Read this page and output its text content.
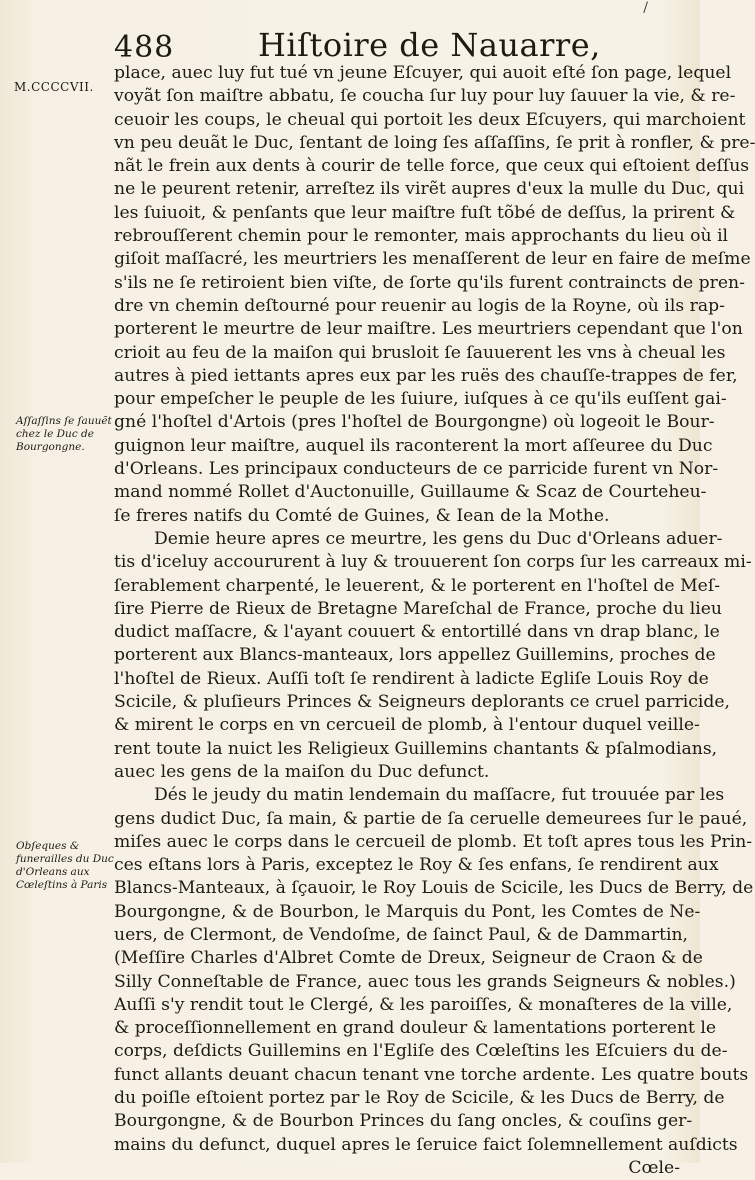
/
488	Hiſtoire de Nauarre,
M.CCCCVII.
Aſſaſſins ſe ſauuẽt chez le Duc de Bourgongne.
Obſeques & funerailles du Duc d'Orleans aux Cœleſtins à Paris
place, auec luy fut tué vn jeune Eſcuyer, qui auoit eſté ſon page, lequel
voyãt ſon maiſtre abbatu, ſe coucha ſur luy pour luy ſauuer la vie, & re-
ceuoir les coups, le cheual qui portoit les deux Eſcuyers, qui marchoient
vn peu deuãt le Duc, ſentant de loing ſes aſſaſſins, ſe prit à ronfler, & pre-
nãt le frein aux dents à courir de telle force, que ceux qui eſtoient deſſus
ne le peurent retenir, arreſtez ils virẽt aupres d'eux la mulle du Duc, qui
les ſuiuoit, & penſants que leur maiſtre fuſt tõbé de deſſus, la prirent &
rebrouſſerent chemin pour le remonter, mais approchants du lieu où il
giſoit maſſacré, les meurtriers les menaſſerent de leur en faire de meſme
s'ils ne ſe retiroient bien viſte, de ſorte qu'ils furent contraincts de pren-
dre vn chemin deſtourné pour reuenir au logis de la Royne, où ils rap-
porterent le meurtre de leur maiſtre. Les meurtriers cependant que l'on
crioit au feu de la maiſon qui brusloit ſe ſauuerent les vns à cheual les
autres à pied iettants apres eux par les ruës des chauſſe-trappes de fer,
pour empeſcher le peuple de les ſuiure, iuſques à ce qu'ils euſſent gai-
gné l'hoſtel d'Artois (pres l'hoſtel de Bourgongne) où logeoit le Bour-
guignon leur maiſtre, auquel ils raconterent la mort aſſeuree du Duc
d'Orleans. Les principaux conducteurs de ce parricide furent vn Nor-
mand nommé Rollet d'Auctonuille, Guillaume & Scaz de Courteheu-
ſe freres natifs du Comté de Guines, & Iean de la Mothe.
Demie heure apres ce meurtre, les gens du Duc d'Orleans aduer-
tis d'iceluy accoururent à luy & trouuerent ſon corps ſur les carreaux mi-
ſerablement charpenté, le leuerent, & le porterent en l'hoſtel de Meſ-
ſire Pierre de Rieux de Bretagne Mareſchal de France, proche du lieu
dudict maſſacre, & l'ayant couuert & entortillé dans vn drap blanc, le
porterent aux Blancs-manteaux, lors appellez Guillemins, proches de
l'hoſtel de Rieux. Auſſi toſt ſe rendirent à ladicte Egliſe Louis Roy de
Scicile, & pluſieurs Princes & Seigneurs deplorants ce cruel parricide,
& mirent le corps en vn cercueil de plomb, à l'entour duquel veille-
rent toute la nuict les Religieux Guillemins chantants & pſalmodians,
auec les gens de la maiſon du Duc defunct.
Dés le jeudy du matin lendemain du maſſacre, fut trouuée par les
gens dudict Duc, ſa main, & partie de ſa ceruelle demeurees ſur le paué,
miſes auec le corps dans le cercueil de plomb. Et toſt apres tous les Prin-
ces eſtans lors à Paris, exceptez le Roy & ſes enfans, ſe rendirent aux
Blancs-Manteaux, à ſçauoir, le Roy Louis de Scicile, les Ducs de Berry, de
Bourgongne, & de Bourbon, le Marquis du Pont, les Comtes de Ne-
uers, de Clermont, de Vendoſme, de ſainct Paul, & de Dammartin,
(Meſſire Charles d'Albret Comte de Dreux, Seigneur de Craon & de
Silly Conneſtable de France, auec tous les grands Seigneurs & nobles.)
Auſſi s'y rendit tout le Clergé, & les paroiſſes, & monaſteres de la ville,
& proceſſionnellement en grand douleur & lamentations porterent le
corps, deſdicts Guillemins en l'Egliſe des Cœleſtins les Eſcuiers du de-
funct allants deuant chacun tenant vne torche ardente. Les quatre bouts
du poiſle eſtoient portez par le Roy de Scicile, & les Ducs de Berry, de
Bourgongne, & de Bourbon Princes du ſang oncles, & couſins ger-
mains du defunct, duquel apres le ſeruice faict ſolemnellement auſdicts
Cœle-
